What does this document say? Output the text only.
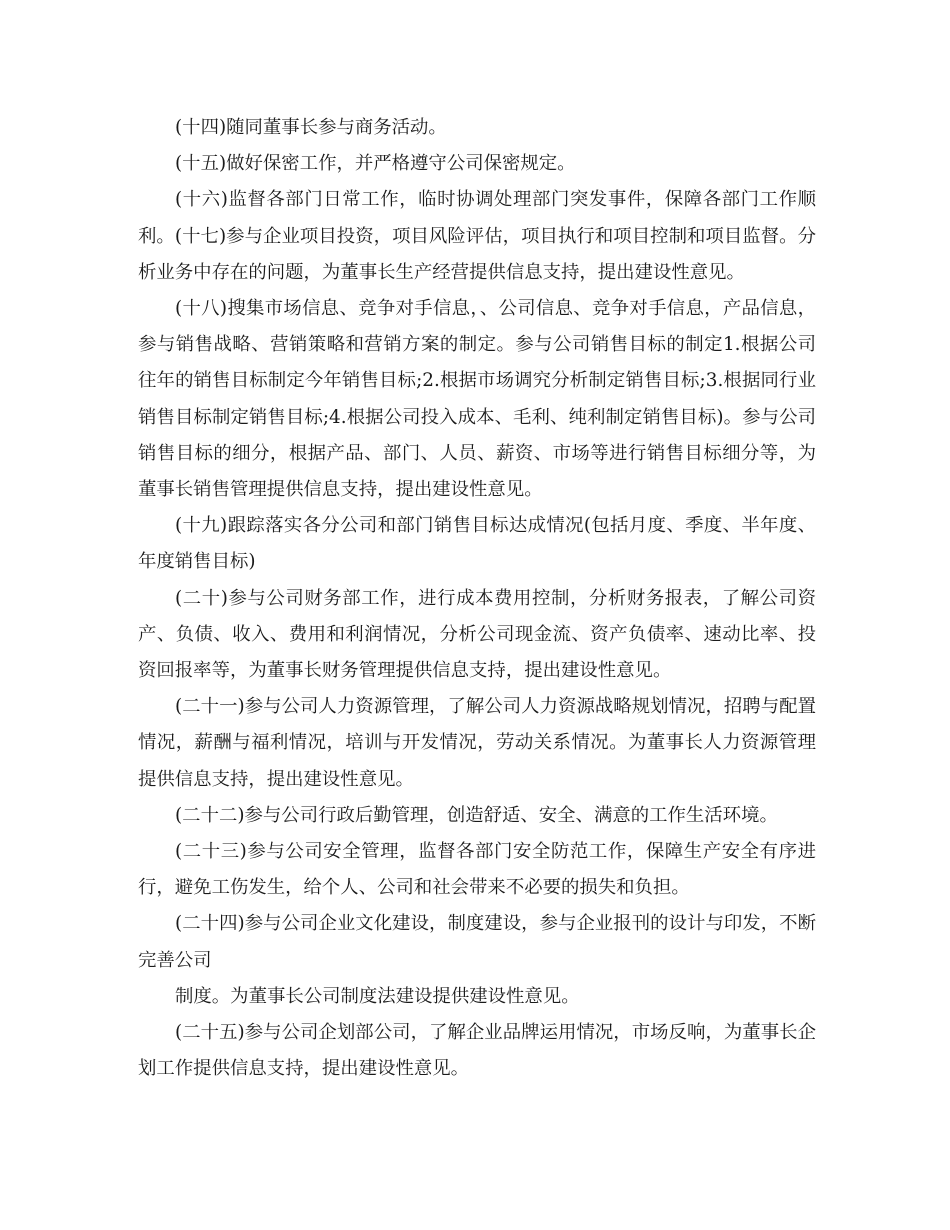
(十四)随同董事长参与商务活动。

(十五)做好保密工作，并严格遵守公司保密规定。

(十六)监督各部门日常工作，临时协调处理部门突发事件，保障各部门工作顺利。(十七)参与企业项目投资，项目风险评估，项目执行和项目控制和项目监督。分析业务中存在的问题，为董事长生产经营提供信息支持，提出建设性意见。

(十八)搜集市场信息、竞争对手信息，、公司信息、竞争对手信息，产品信息，参与销售战略、营销策略和营销方案的制定。参与公司销售目标的制定1.根据公司往年的销售目标制定今年销售目标;2.根据市场调究分析制定销售目标;3.根据同行业销售目标制定销售目标;4.根据公司投入成本、毛利、纯利制定销售目标)。参与公司销售目标的细分，根据产品、部门、人员、薪资、市场等进行销售目标细分等，为董事长销售管理提供信息支持，提出建设性意见。

(十九)跟踪落实各分公司和部门销售目标达成情况(包括月度、季度、半年度、年度销售目标)

(二十)参与公司财务部工作，进行成本费用控制，分析财务报表，了解公司资产、负债、收入、费用和利润情况，分析公司现金流、资产负债率、速动比率、投资回报率等，为董事长财务管理提供信息支持，提出建设性意见。

(二十一)参与公司人力资源管理，了解公司人力资源战略规划情况，招聘与配置情况，薪酬与福利情况，培训与开发情况，劳动关系情况。为董事长人力资源管理提供信息支持，提出建设性意见。

(二十二)参与公司行政后勤管理，创造舒适、安全、满意的工作生活环境。

(二十三)参与公司安全管理，监督各部门安全防范工作，保障生产安全有序进行，避免工伤发生，给个人、公司和社会带来不必要的损失和负担。

(二十四)参与公司企业文化建设，制度建设，参与企业报刊的设计与印发，不断完善公司

制度。为董事长公司制度法建设提供建设性意见。

(二十五)参与公司企划部公司，了解企业品牌运用情况，市场反响，为董事长企划工作提供信息支持，提出建设性意见。
